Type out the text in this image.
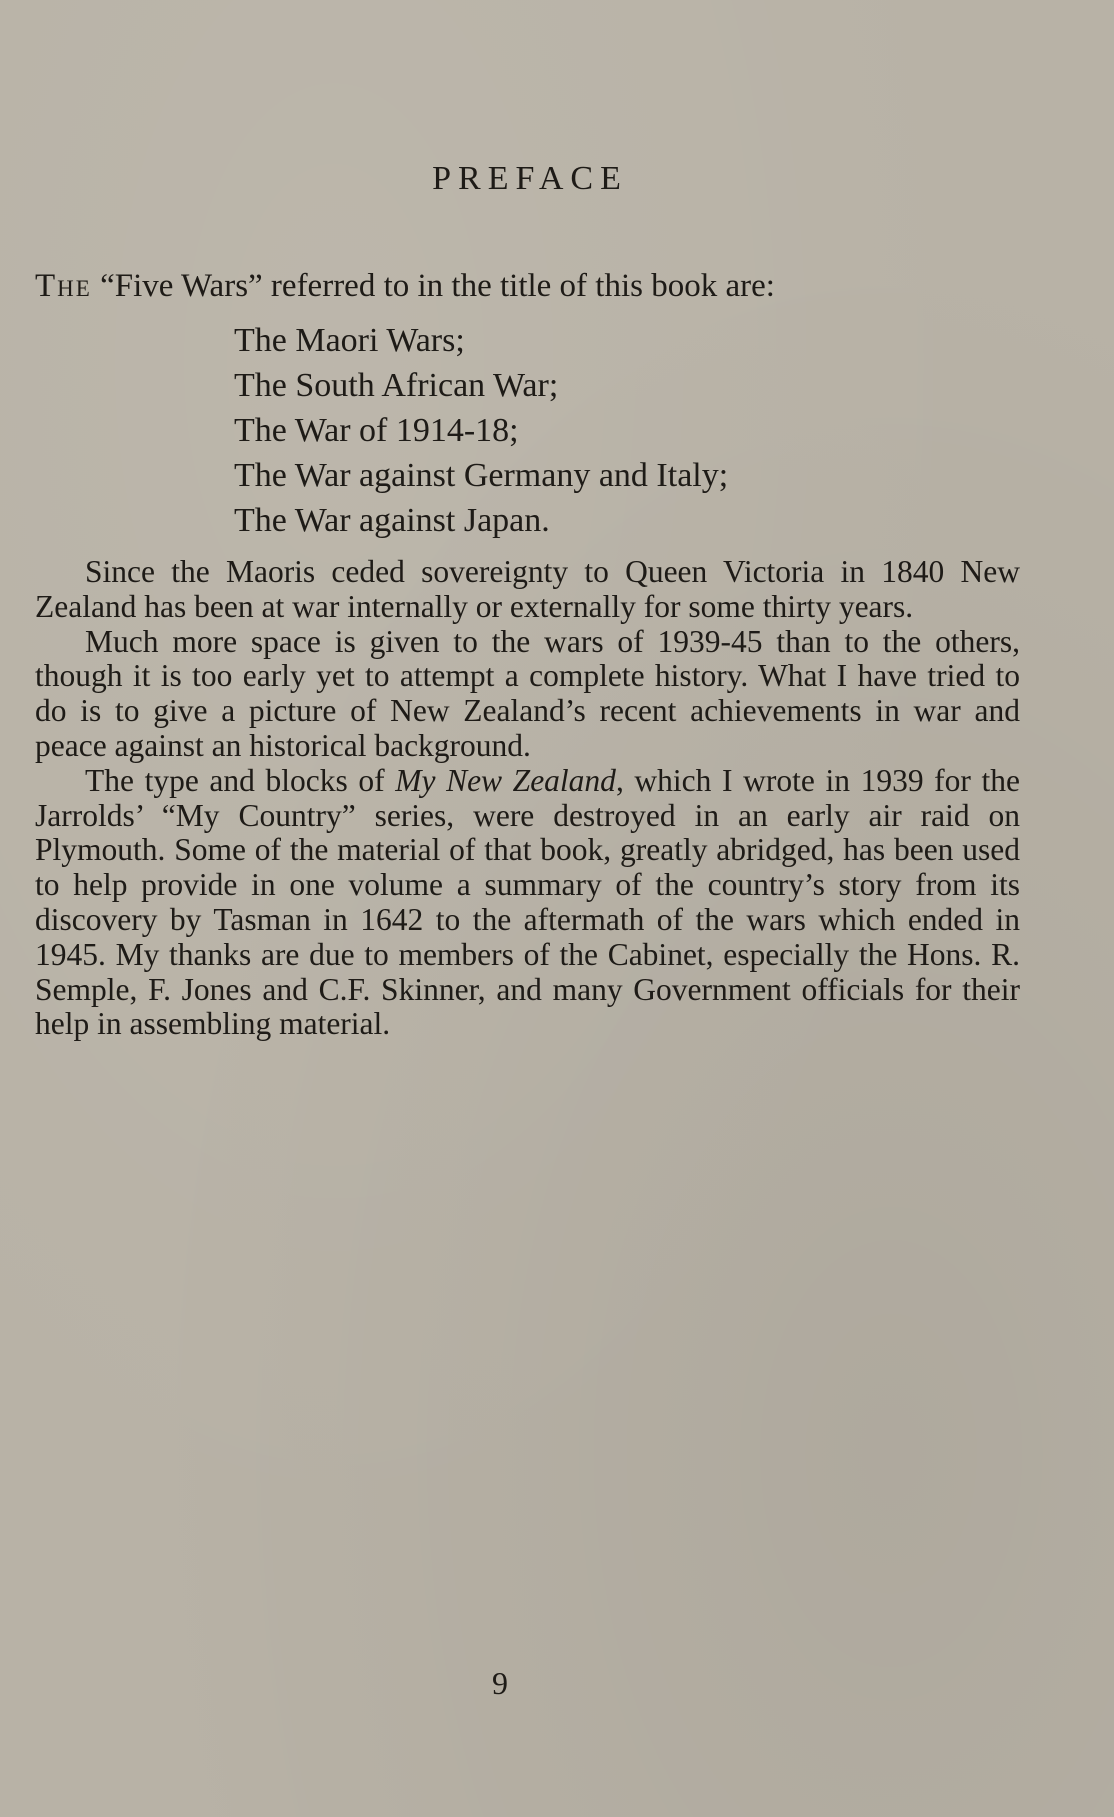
PREFACE

The “Five Wars” referred to in the title of this book are:

The Maori Wars;
The South African War;
The War of 1914-18;
The War against Germany and Italy;
The War against Japan.

Since the Maoris ceded sovereignty to Queen Victoria in 1840 New Zealand has been at war internally or externally for some thirty years.

Much more space is given to the wars of 1939-45 than to the others, though it is too early yet to attempt a complete history. What I have tried to do is to give a picture of New Zealand’s recent achievements in war and peace against an historical background.

The type and blocks of My New Zealand, which I wrote in 1939 for the Jarrolds’ “My Country” series, were destroyed in an early air raid on Plymouth. Some of the material of that book, greatly abridged, has been used to help provide in one volume a summary of the country’s story from its discovery by Tasman in 1642 to the aftermath of the wars which ended in 1945. My thanks are due to members of the Cabinet, especially the Hons. R. Semple, F. Jones and C.F. Skinner, and many Government officials for their help in assembling material.

9
